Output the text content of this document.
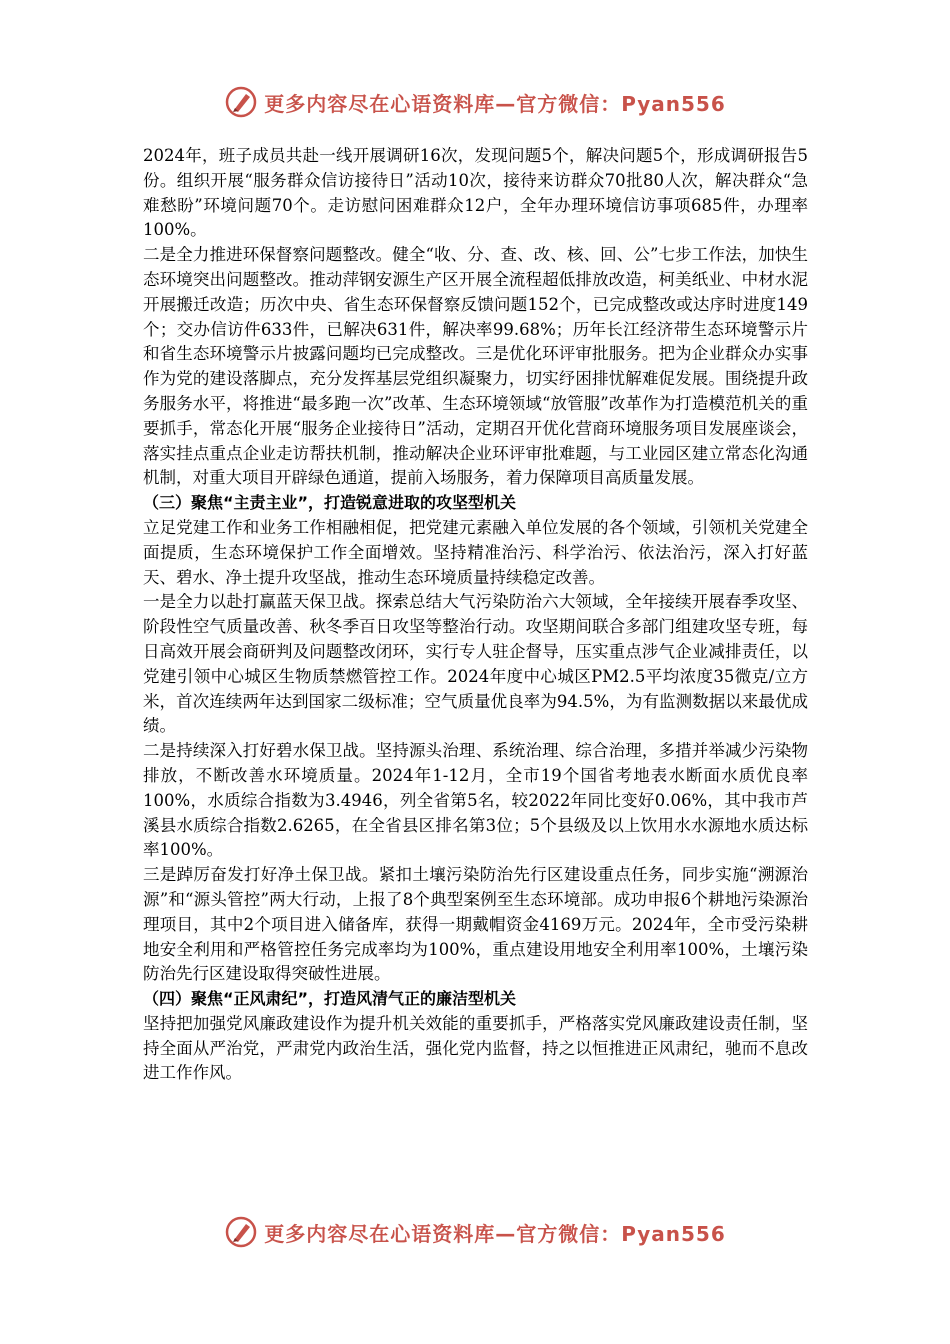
更多内容尽在心语资料库—官方微信：Pyan556

2024年，班子成员共赴一线开展调研16次，发现问题5个，解决问题5个，形成调研报告5份。组织开展“服务群众信访接待日”活动10次，接待来访群众70批80人次，解决群众“急难愁盼”环境问题70个。走访慰问困难群众12户，全年办理环境信访事项685件，办理率100%。

二是全力推进环保督察问题整改。健全“收、分、查、改、核、回、公”七步工作法，加快生态环境突出问题整改。推动萍钢安源生产区开展全流程超低排放改造，柯美纸业、中材水泥开展搬迁改造；历次中央、省生态环保督察反馈问题152个，已完成整改或达序时进度149个；交办信访件633件，已解决631件，解决率99.68%；历年长江经济带生态环境警示片和省生态环境警示片披露问题均已完成整改。三是优化环评审批服务。把为企业群众办实事作为党的建设落脚点，充分发挥基层党组织凝聚力，切实纾困排忧解难促发展。围绕提升政务服务水平，将推进“最多跑一次”改革、生态环境领域“放管服”改革作为打造模范机关的重要抓手，常态化开展“服务企业接待日”活动，定期召开优化营商环境服务项目发展座谈会，落实挂点重点企业走访帮扶机制，推动解决企业环评审批难题，与工业园区建立常态化沟通机制，对重大项目开辟绿色通道，提前入场服务，着力保障项目高质量发展。

（三）聚焦“主责主业”，打造锐意进取的攻坚型机关

立足党建工作和业务工作相融相促，把党建元素融入单位发展的各个领域，引领机关党建全面提质，生态环境保护工作全面增效。坚持精准治污、科学治污、依法治污，深入打好蓝天、碧水、净土提升攻坚战，推动生态环境质量持续稳定改善。

一是全力以赴打赢蓝天保卫战。探索总结大气污染防治六大领域，全年接续开展春季攻坚、阶段性空气质量改善、秋冬季百日攻坚等整治行动。攻坚期间联合多部门组建攻坚专班，每日高效开展会商研判及问题整改闭环，实行专人驻企督导，压实重点涉气企业减排责任，以党建引领中心城区生物质禁燃管控工作。2024年度中心城区PM2.5平均浓度35微克/立方米，首次连续两年达到国家二级标准；空气质量优良率为94.5%，为有监测数据以来最优成绩。

二是持续深入打好碧水保卫战。坚持源头治理、系统治理、综合治理，多措并举减少污染物排放，不断改善水环境质量。2024年1-12月，全市19个国省考地表水断面水质优良率100%，水质综合指数为3.4946，列全省第5名，较2022年同比变好0.06%，其中我市芦溪县水质综合指数2.6265，在全省县区排名第3位；5个县级及以上饮用水水源地水质达标率100%。

三是踔厉奋发打好净土保卫战。紧扣土壤污染防治先行区建设重点任务，同步实施“溯源治源”和“源头管控”两大行动，上报了8个典型案例至生态环境部。成功申报6个耕地污染源治理项目，其中2个项目进入储备库，获得一期戴帽资金4169万元。2024年，全市受污染耕地安全利用和严格管控任务完成率均为100%，重点建设用地安全利用率100%，土壤污染防治先行区建设取得突破性进展。

（四）聚焦“正风肃纪”，打造风清气正的廉洁型机关

坚持把加强党风廉政建设作为提升机关效能的重要抓手，严格落实党风廉政建设责任制，坚持全面从严治党，严肃党内政治生活，强化党内监督，持之以恒推进正风肃纪，驰而不息改进工作作风。

更多内容尽在心语资料库—官方微信：Pyan556
